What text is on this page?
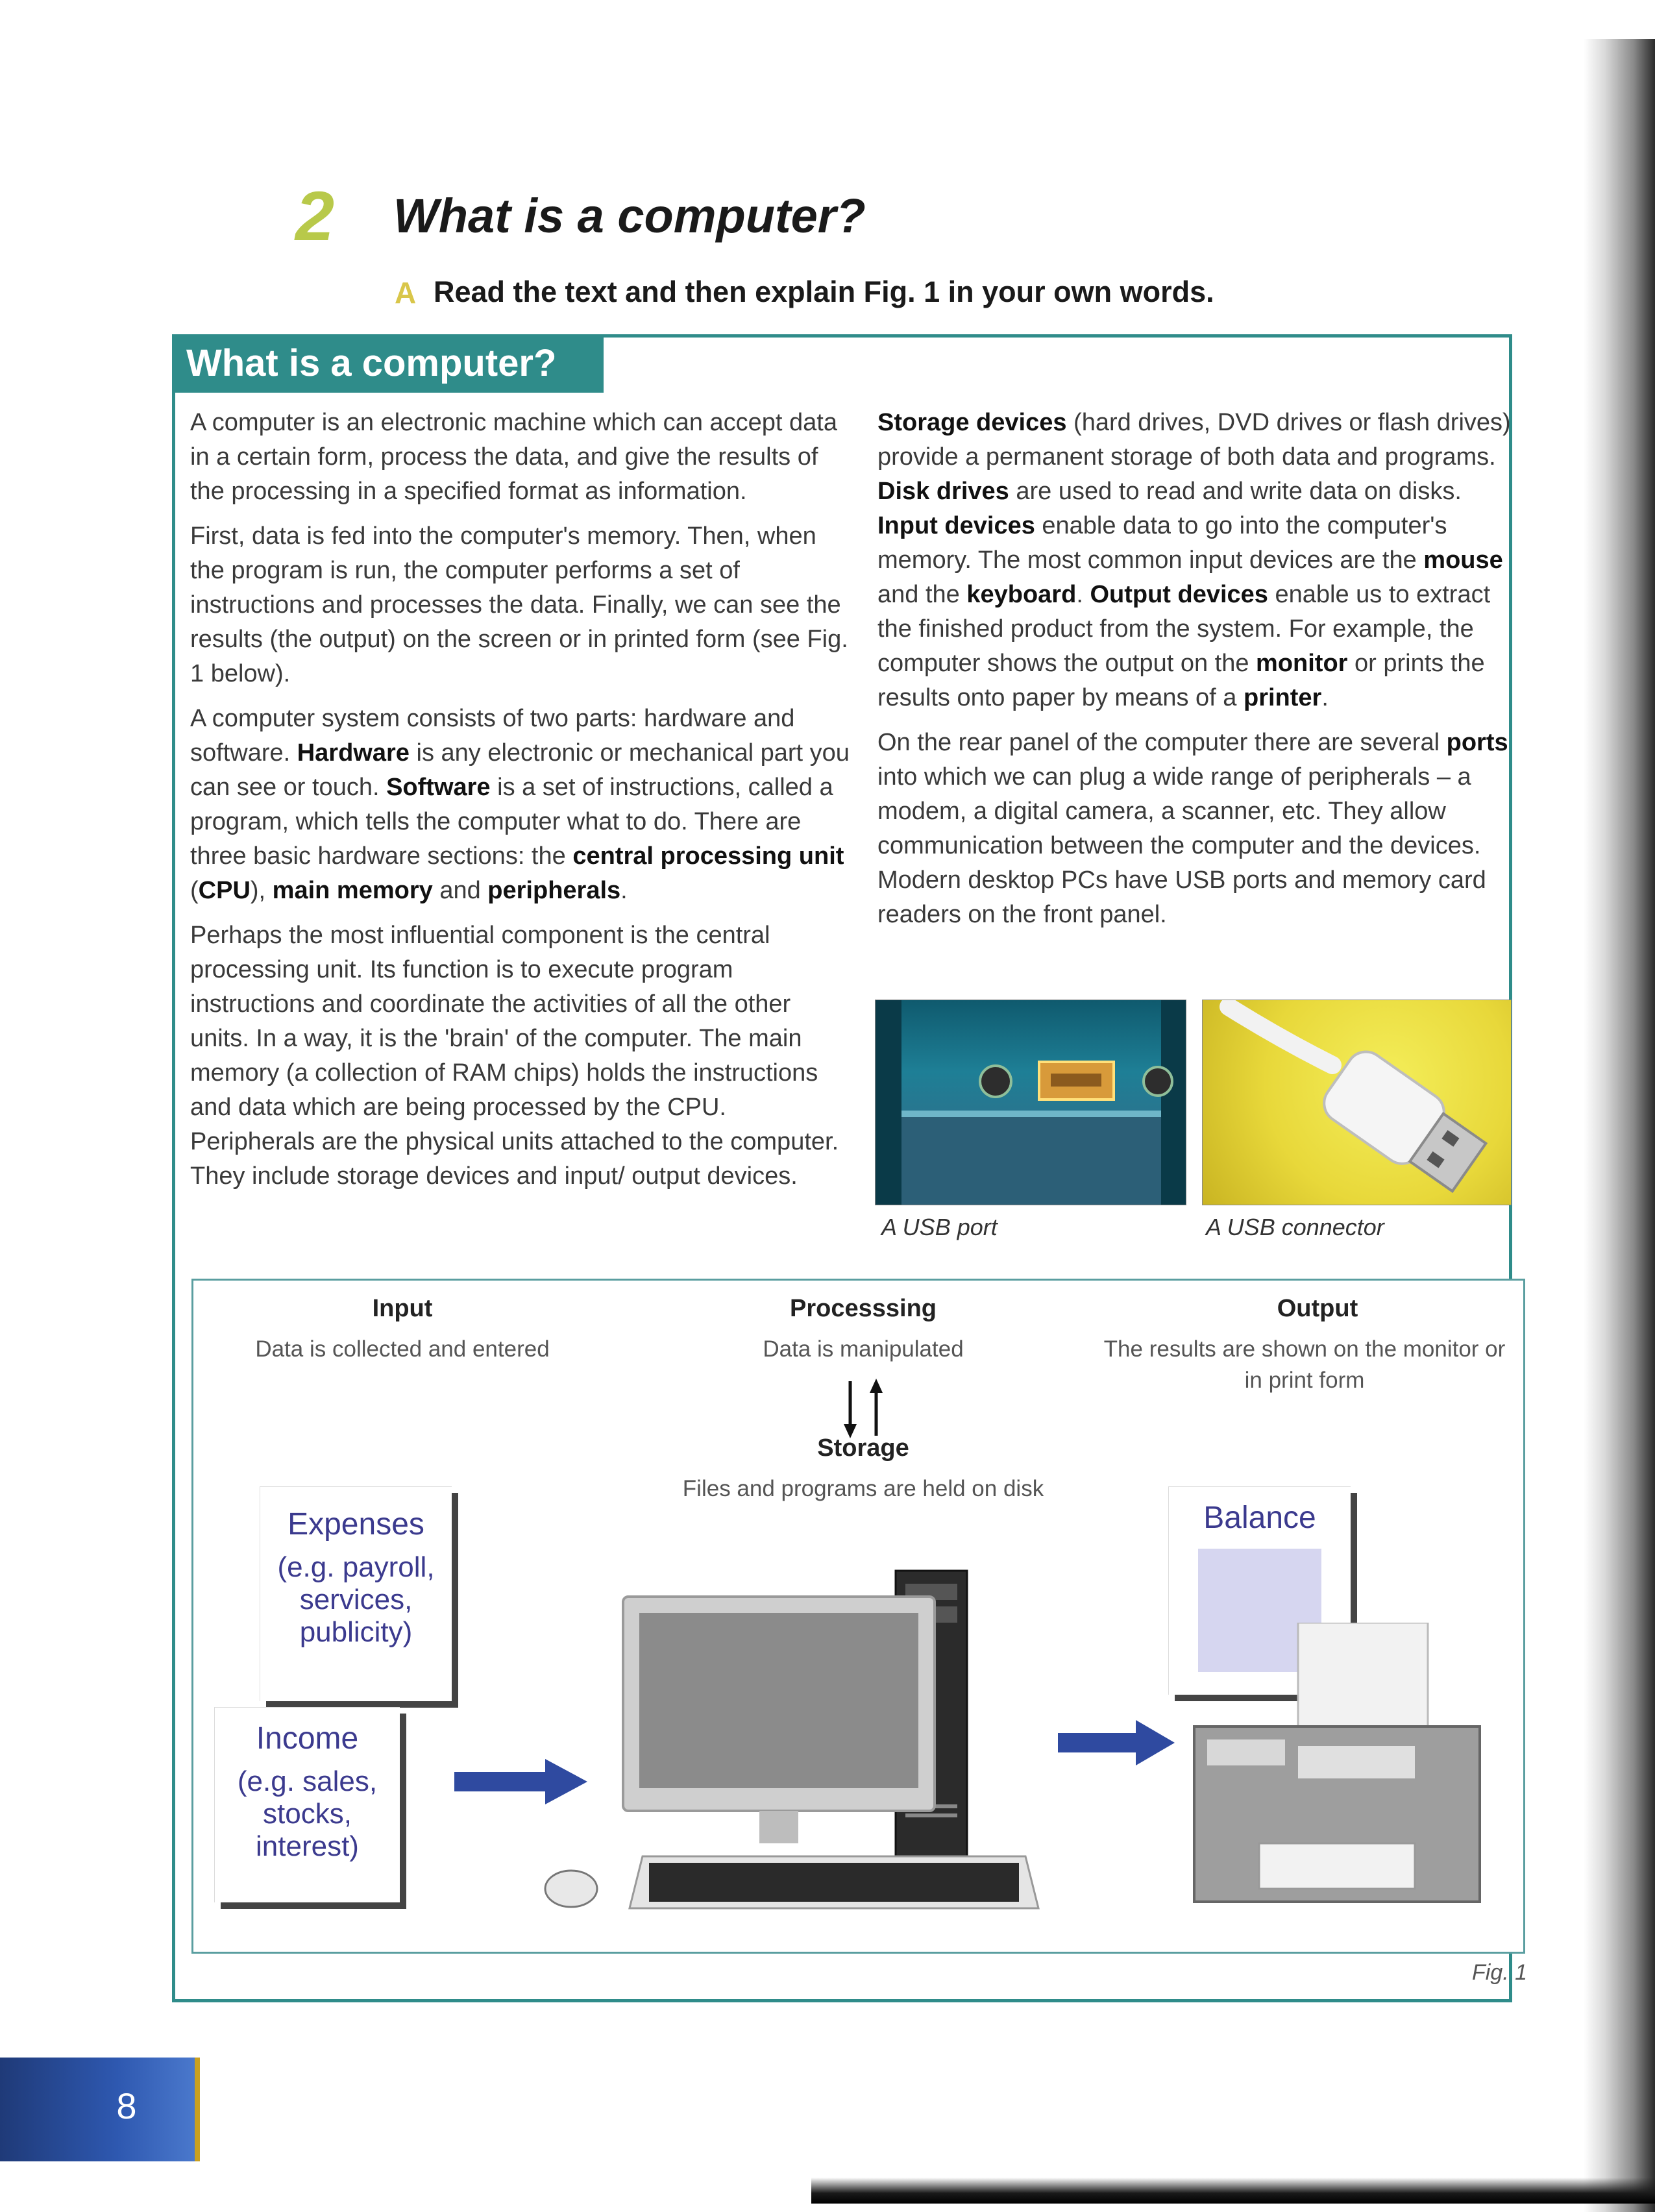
2 What is a computer?
A Read the text and then explain Fig. 1 in your own words.
What is a computer?

A computer is an electronic machine which can accept data in a certain form, process the data, and give the results of the processing in a specified format as information.

First, data is fed into the computer's memory. Then, when the program is run, the computer performs a set of instructions and processes the data. Finally, we can see the results (the output) on the screen or in printed form (see Fig. 1 below).

A computer system consists of two parts: hardware and software. Hardware is any electronic or mechanical part you can see or touch. Software is a set of instructions, called a program, which tells the computer what to do. There are three basic hardware sections: the central processing unit (CPU), main memory and peripherals.

Perhaps the most influential component is the central processing unit. Its function is to execute program instructions and coordinate the activities of all the other units. In a way, it is the 'brain' of the computer. The main memory (a collection of RAM chips) holds the instructions and data which are being processed by the CPU. Peripherals are the physical units attached to the computer. They include storage devices and input/ output devices.

Storage devices (hard drives, DVD drives or flash drives) provide a permanent storage of both data and programs. Disk drives are used to read and write data on disks. Input devices enable data to go into the computer's memory. The most common input devices are the mouse and the keyboard. Output devices enable us to extract the finished product from the system. For example, the computer shows the output on the monitor or prints the results onto paper by means of a printer.

On the rear panel of the computer there are several ports into which we can plug a wide range of peripherals – a modem, a digital camera, a scanner, etc. They allow communication between the computer and the devices. Modern desktop PCs have USB ports and memory card readers on the front panel.

A USB port	A USB connector
Input
Data is collected and entered
Processsing
Data is manipulated
Storage
Files and programs are held on disk
Output
The results are shown on the monitor or
in print form
Expenses
(e.g. payroll,
services,
publicity)
Income
(e.g. sales,
stocks,
interest)
Balance
Fig. 1
8
